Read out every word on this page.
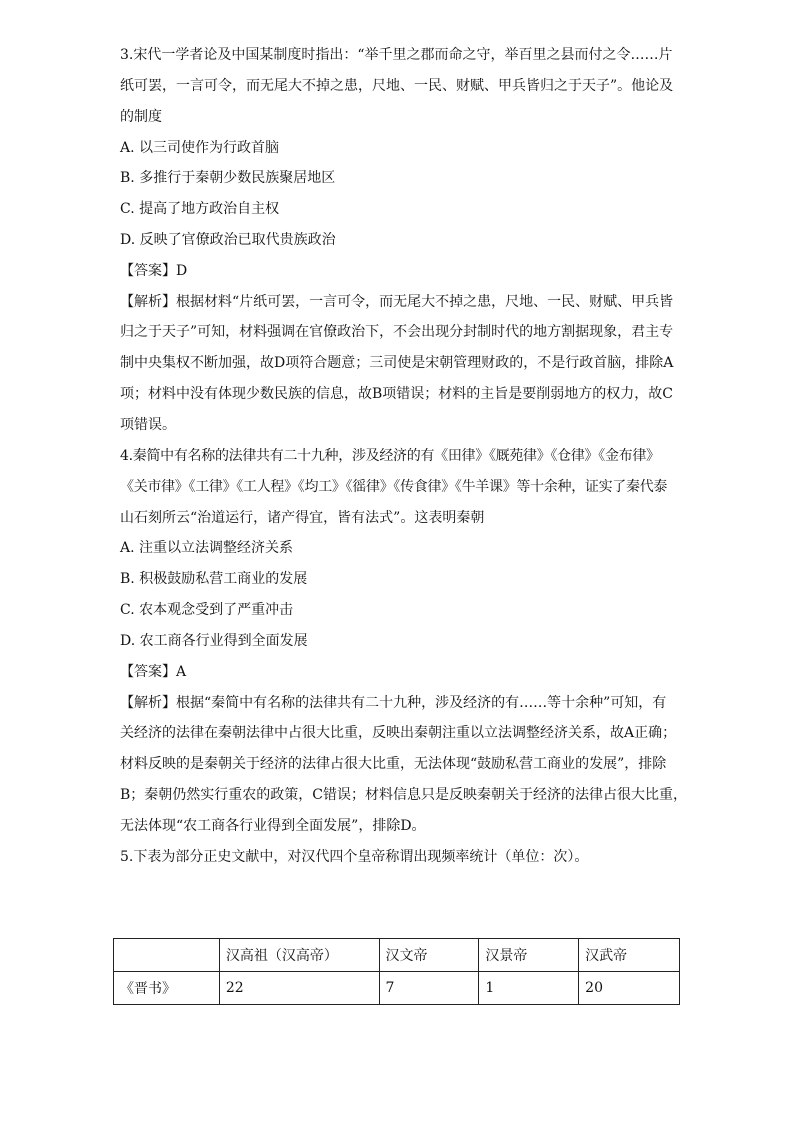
3.宋代一学者论及中国某制度时指出：“举千里之郡而命之守，举百里之县而付之令……片
纸可罢，一言可令，而无尾大不掉之患，尺地、一民、财赋、甲兵皆归之于天子”。他论及
的制度
A. 以三司使作为行政首脑
B. 多推行于秦朝少数民族聚居地区
C. 提高了地方政治自主权
D. 反映了官僚政治已取代贵族政治
【答案】D
【解析】根据材料“片纸可罢，一言可令，而无尾大不掉之患，尺地、一民、财赋、甲兵皆
归之于天子”可知，材料强调在官僚政治下，不会出现分封制时代的地方割据现象，君主专
制中央集权不断加强，故D项符合题意；三司使是宋朝管理财政的，不是行政首脑，排除A
项；材料中没有体现少数民族的信息，故B项错误；材料的主旨是要削弱地方的权力，故C
项错误。
4.秦简中有名称的法律共有二十九种，涉及经济的有《田律》《厩苑律》《仓律》《金布律》
《关市律》《工律》《工人程》《均工》《徭律》《传食律》《牛羊课》等十余种，证实了秦代泰
山石刻所云“治道运行，诸产得宜，皆有法式”。这表明秦朝
A. 注重以立法调整经济关系
B. 积极鼓励私营工商业的发展
C. 农本观念受到了严重冲击
D. 农工商各行业得到全面发展
【答案】A
【解析】根据“秦简中有名称的法律共有二十九种，涉及经济的有……等十余种”可知，有
关经济的法律在秦朝法律中占很大比重，反映出秦朝注重以立法调整经济关系，故A正确；
材料反映的是秦朝关于经济的法律占很大比重，无法体现“鼓励私营工商业的发展”，排除
B；秦朝仍然实行重农的政策，C错误；材料信息只是反映秦朝关于经济的法律占很大比重，
无法体现“农工商各行业得到全面发展”，排除D。
5.下表为部分正史文献中，对汉代四个皇帝称谓出现频率统计（单位：次）。
	汉高祖（汉高帝）	汉文帝	汉景帝	汉武帝
《晋书》	22	7	1	20
